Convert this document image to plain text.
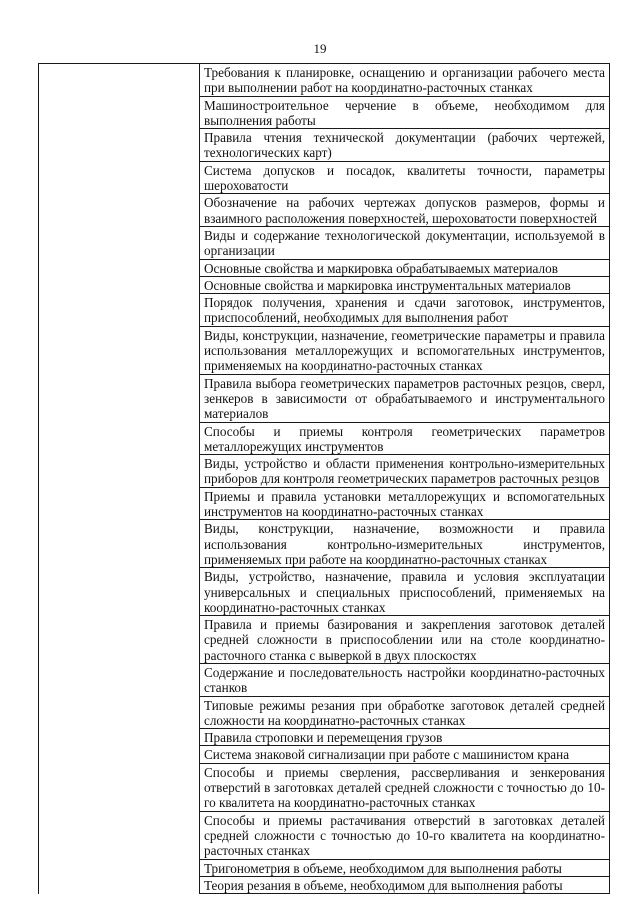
19
	Требования к планировке, оснащению и организации рабочего места при выполнении работ на координатно-расточных станках
Машиностроительное черчение в объеме, необходимом для выполнения работы
Правила чтения технической документации (рабочих чертежей, технологических карт)
Система допусков и посадок, квалитеты точности, параметры шероховатости
Обозначение на рабочих чертежах допусков размеров, формы и взаимного расположения поверхностей, шероховатости поверхностей
Виды и содержание технологической документации, используемой в организации
Основные свойства и маркировка обрабатываемых материалов
Основные свойства и маркировка инструментальных материалов
Порядок получения, хранения и сдачи заготовок, инструментов, приспособлений, необходимых для выполнения работ
Виды, конструкции, назначение, геометрические параметры и правила использования металлорежущих и вспомогательных инструментов, применяемых на координатно-расточных станках
Правила выбора геометрических параметров расточных резцов, сверл, зенкеров в зависимости от обрабатываемого и инструментального материалов
Способы и приемы контроля геометрических параметров металлорежущих инструментов
Виды, устройство и области применения контрольно-измерительных приборов для контроля геометрических параметров расточных резцов
Приемы и правила установки металлорежущих и вспомогательных инструментов на координатно-расточных станках
Виды, конструкции, назначение, возможности и правила использования контрольно-измерительных инструментов, применяемых при работе на координатно-расточных станках
Виды, устройство, назначение, правила и условия эксплуатации универсальных и специальных приспособлений, применяемых на координатно-расточных станках
Правила и приемы базирования и закрепления заготовок деталей средней сложности в приспособлении или на столе координатно-расточного станка с выверкой в двух плоскостях
Содержание и последовательность настройки координатно-расточных станков
Типовые режимы резания при обработке заготовок деталей средней сложности на координатно-расточных станках
Правила строповки и перемещения грузов
Система знаковой сигнализации при работе с машинистом крана
Способы и приемы сверления, рассверливания и зенкерования отверстий в заготовках деталей средней сложности с точностью до 10-го квалитета на координатно-расточных станках
Способы и приемы растачивания отверстий в заготовках деталей средней сложности с точностью до 10-го квалитета на координатно-расточных станках
Тригонометрия в объеме, необходимом для выполнения работы
Теория резания в объеме, необходимом для выполнения работы
